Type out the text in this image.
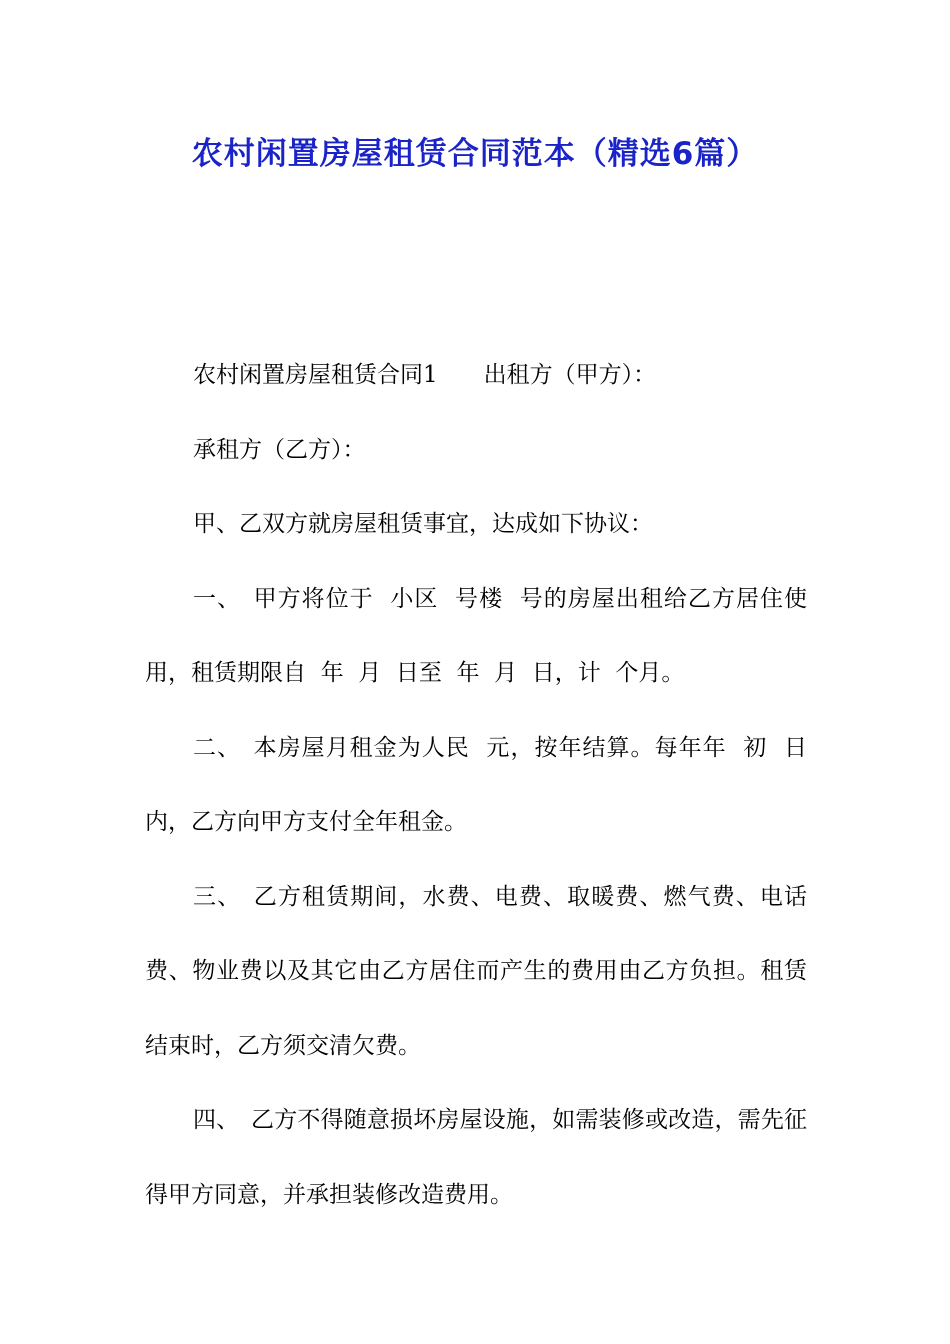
农村闲置房屋租赁合同范本（精选6篇）

农村闲置房屋租赁合同1　　出租方（甲方）：

承租方（乙方）：

甲、乙双方就房屋租赁事宜，达成如下协议：

一、　甲方将位于  小区  号楼  号的房屋出租给乙方居住使用，租赁期限自  年  月  日至  年  月  日，计  个月。

二、　本房屋月租金为人民  元，按年结算。每年年  初  日内，乙方向甲方支付全年租金。

三、　乙方租赁期间，水费、电费、取暖费、燃气费、电话费、物业费以及其它由乙方居住而产生的费用由乙方负担。租赁结束时，乙方须交清欠费。

四、　乙方不得随意损坏房屋设施，如需装修或改造，需先征得甲方同意，并承担装修改造费用。
